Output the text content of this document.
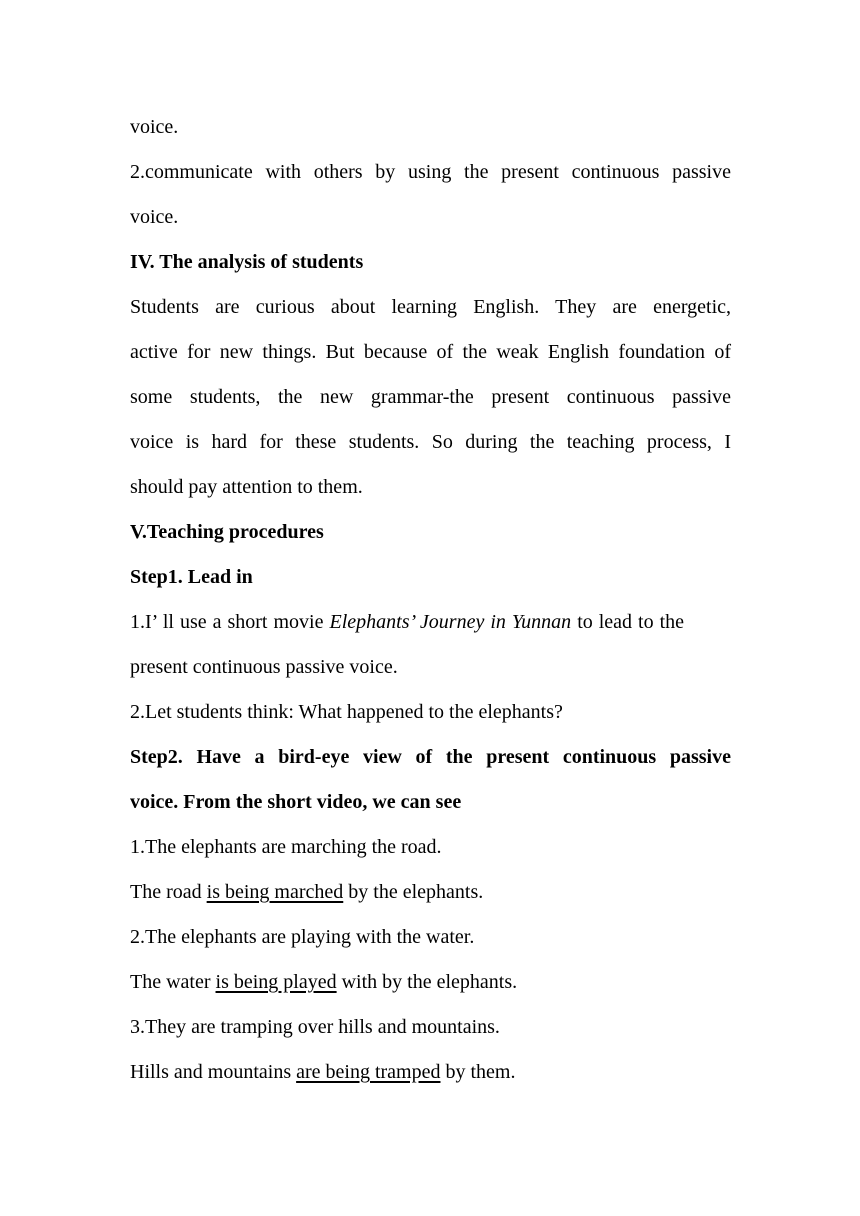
voice.
2.communicate with others by using the present continuous passive
voice.
IV. The analysis of students
Students are curious about learning English. They are energetic,
active for new things. But because of the weak English foundation of
some students, the new grammar-the present continuous passive
voice is hard for these students. So during the teaching process, I
should pay attention to them.
V.Teaching procedures
Step1. Lead in
1.I’ ll use a short movie Elephants’ Journey in Yunnan to lead to the
present continuous passive voice.
2.Let students think: What happened to the elephants?
Step2. Have a bird-eye view of the present continuous passive
voice. From the short video, we can see
1.The elephants are marching the road.
The road is being marched by the elephants.
2.The elephants are playing with the water.
The water is being played with by the elephants.
3.They are tramping over hills and mountains.
Hills and mountains are being tramped by them.
